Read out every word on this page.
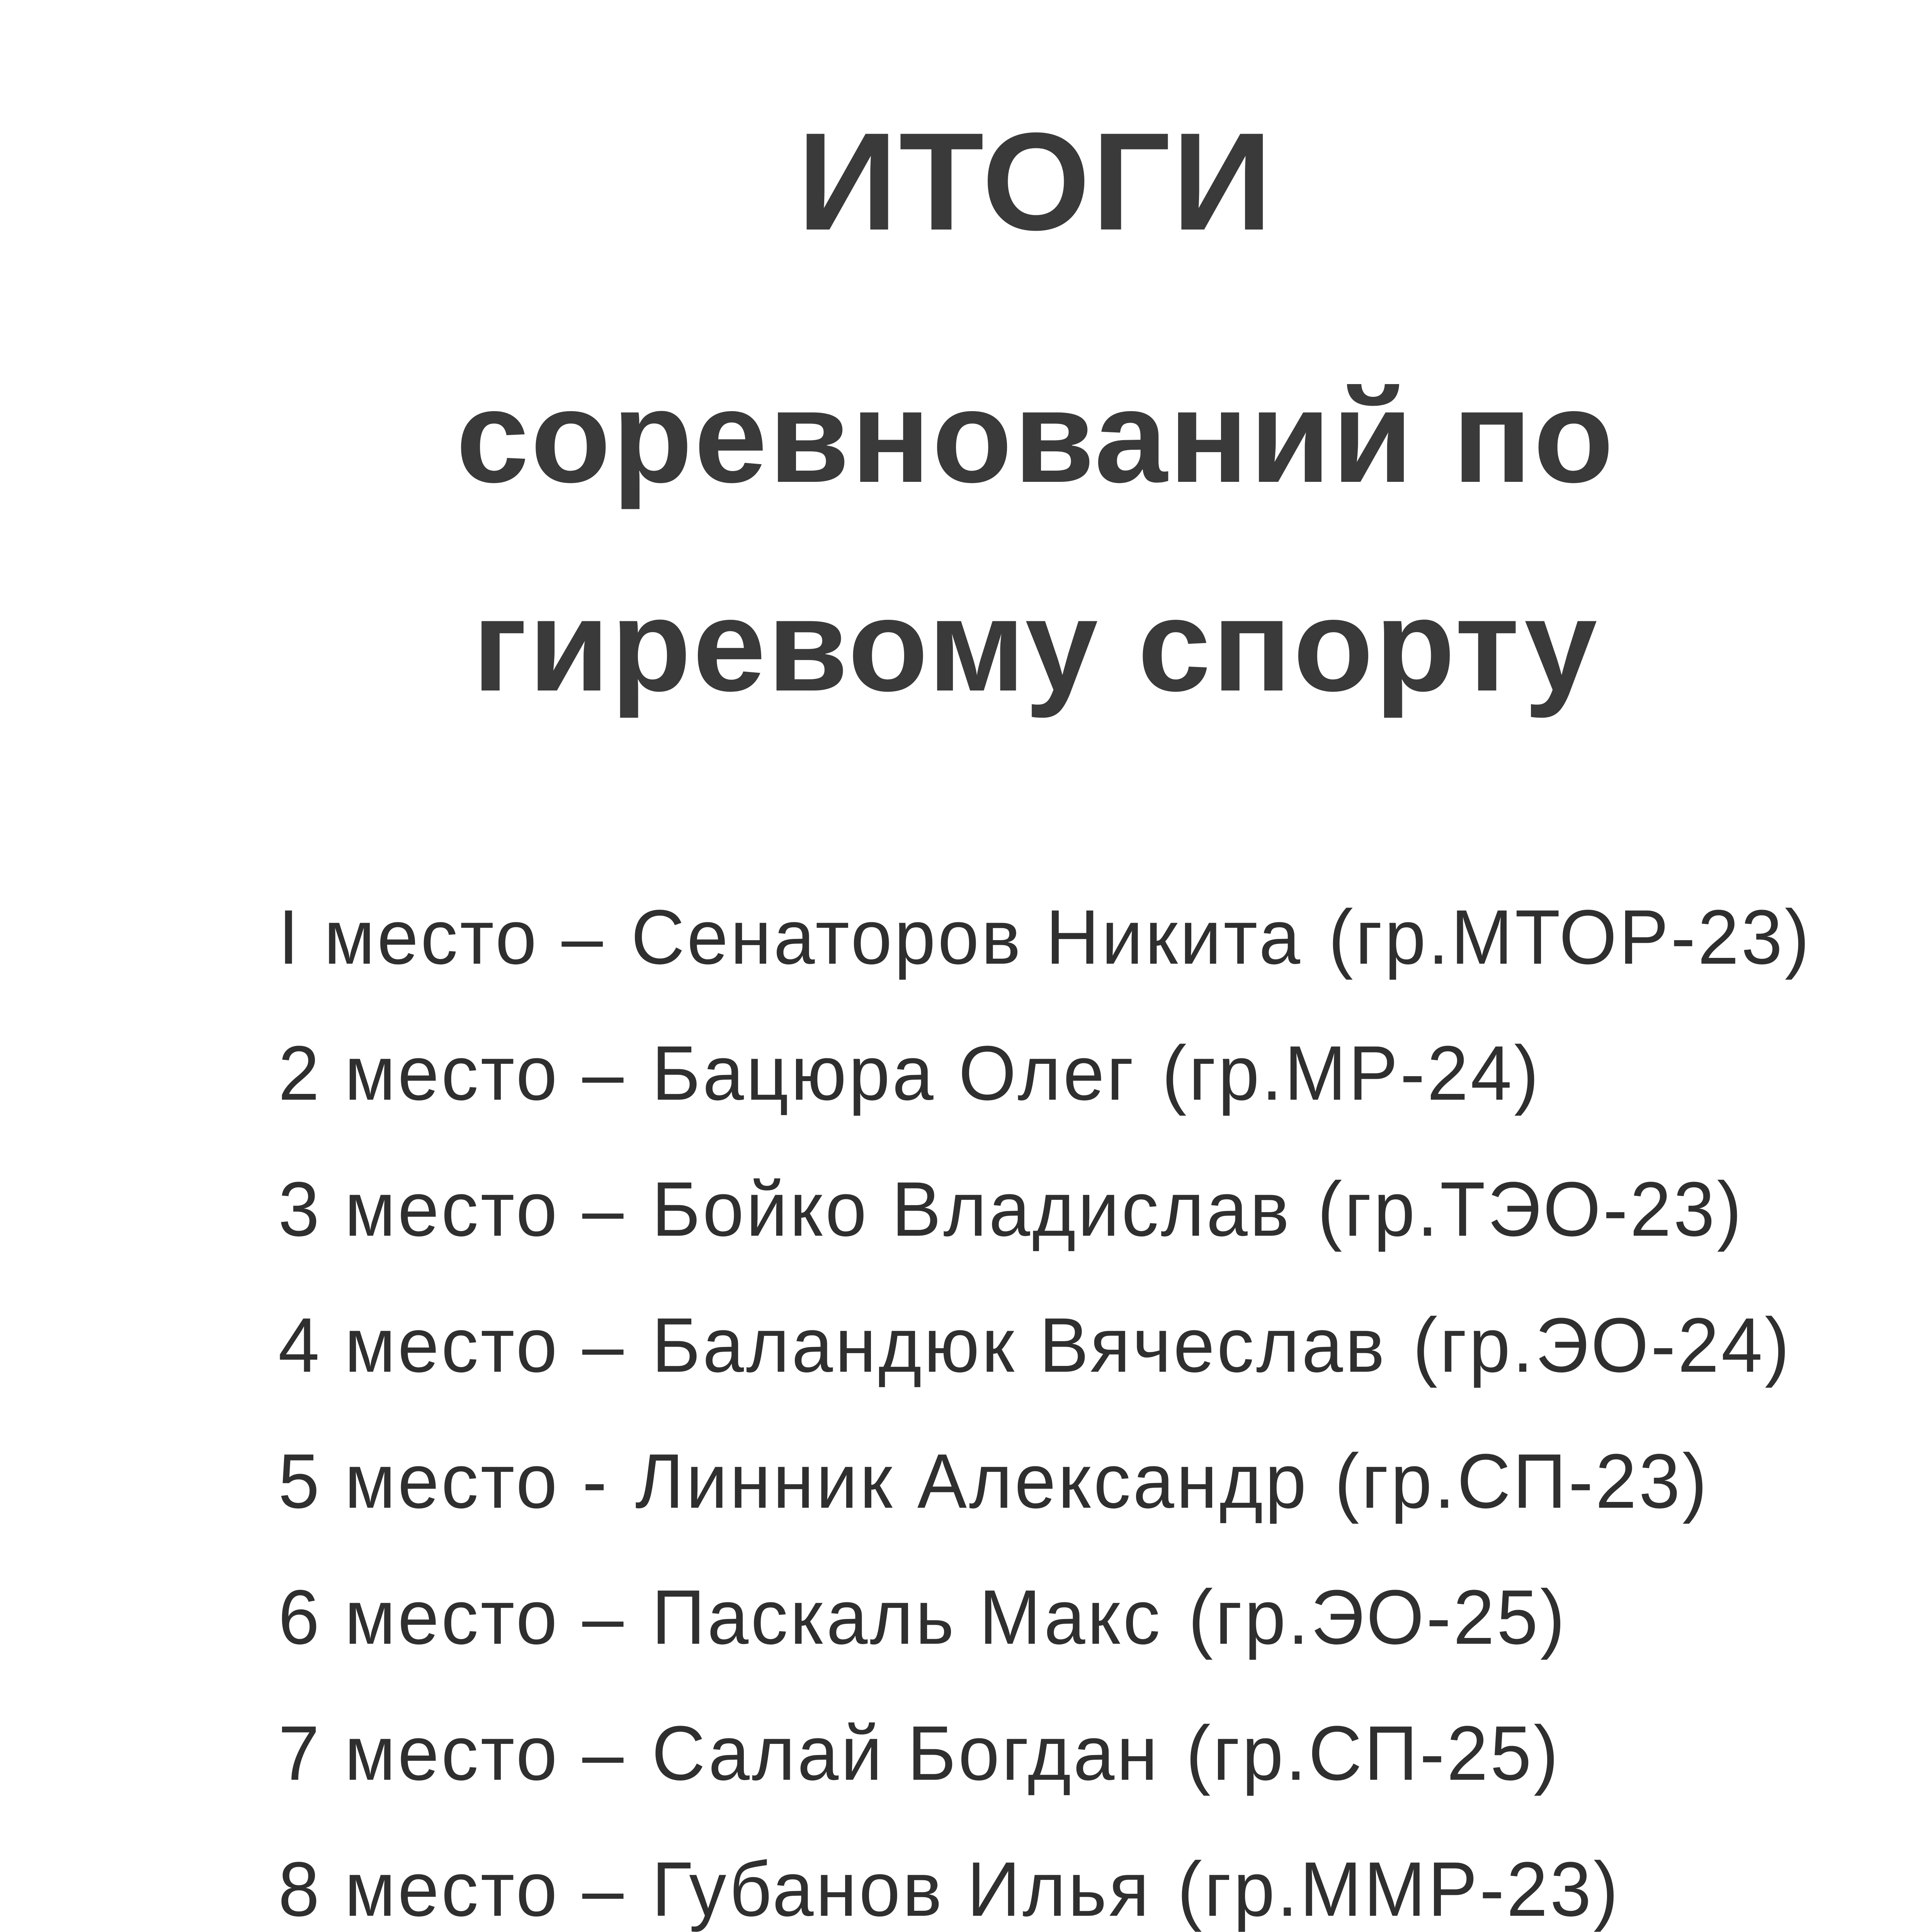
ИТОГИ
соревнований по
гиревому спорту
I место – Сенаторов Никита (гр.МТОР-23)
2 место – Бацюра Олег (гр.МР-24)
3 место – Бойко Владислав (гр.ТЭО-23)
4 место – Баландюк Вячеслав (гр.ЭО-24)
5 место - Линник Александр (гр.СП-23)
6 место – Паскаль Макс (гр.ЭО-25)
7 место – Салай Богдан (гр.СП-25)
8 место – Губанов Илья (гр.ММР-23)
